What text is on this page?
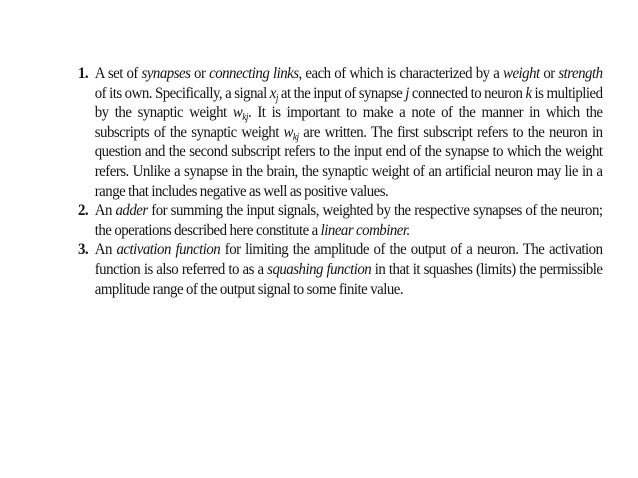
1. A set of synapses or connecting links, each of which is characterized by a weight or strength of its own. Specifically, a signal $x_j$ at the input of synapse j connected to neuron k is multiplied by the synaptic weight $w_{kj}$. It is important to make a note of the manner in which the subscripts of the synaptic weight $w_{kj}$ are written. The first subscript refers to the neuron in question and the second subscript refers to the input end of the synapse to which the weight refers. Unlike a synapse in the brain, the synaptic weight of an artificial neuron may lie in a range that includes negative as well as positive values.
2. An adder for summing the input signals, weighted by the respective synapses of the neuron; the operations described here constitute a linear combiner.
3. An activation function for limiting the amplitude of the output of a neuron. The activation function is also referred to as a squashing function in that it squashes (limits) the permissible amplitude range of the output signal to some finite value.
